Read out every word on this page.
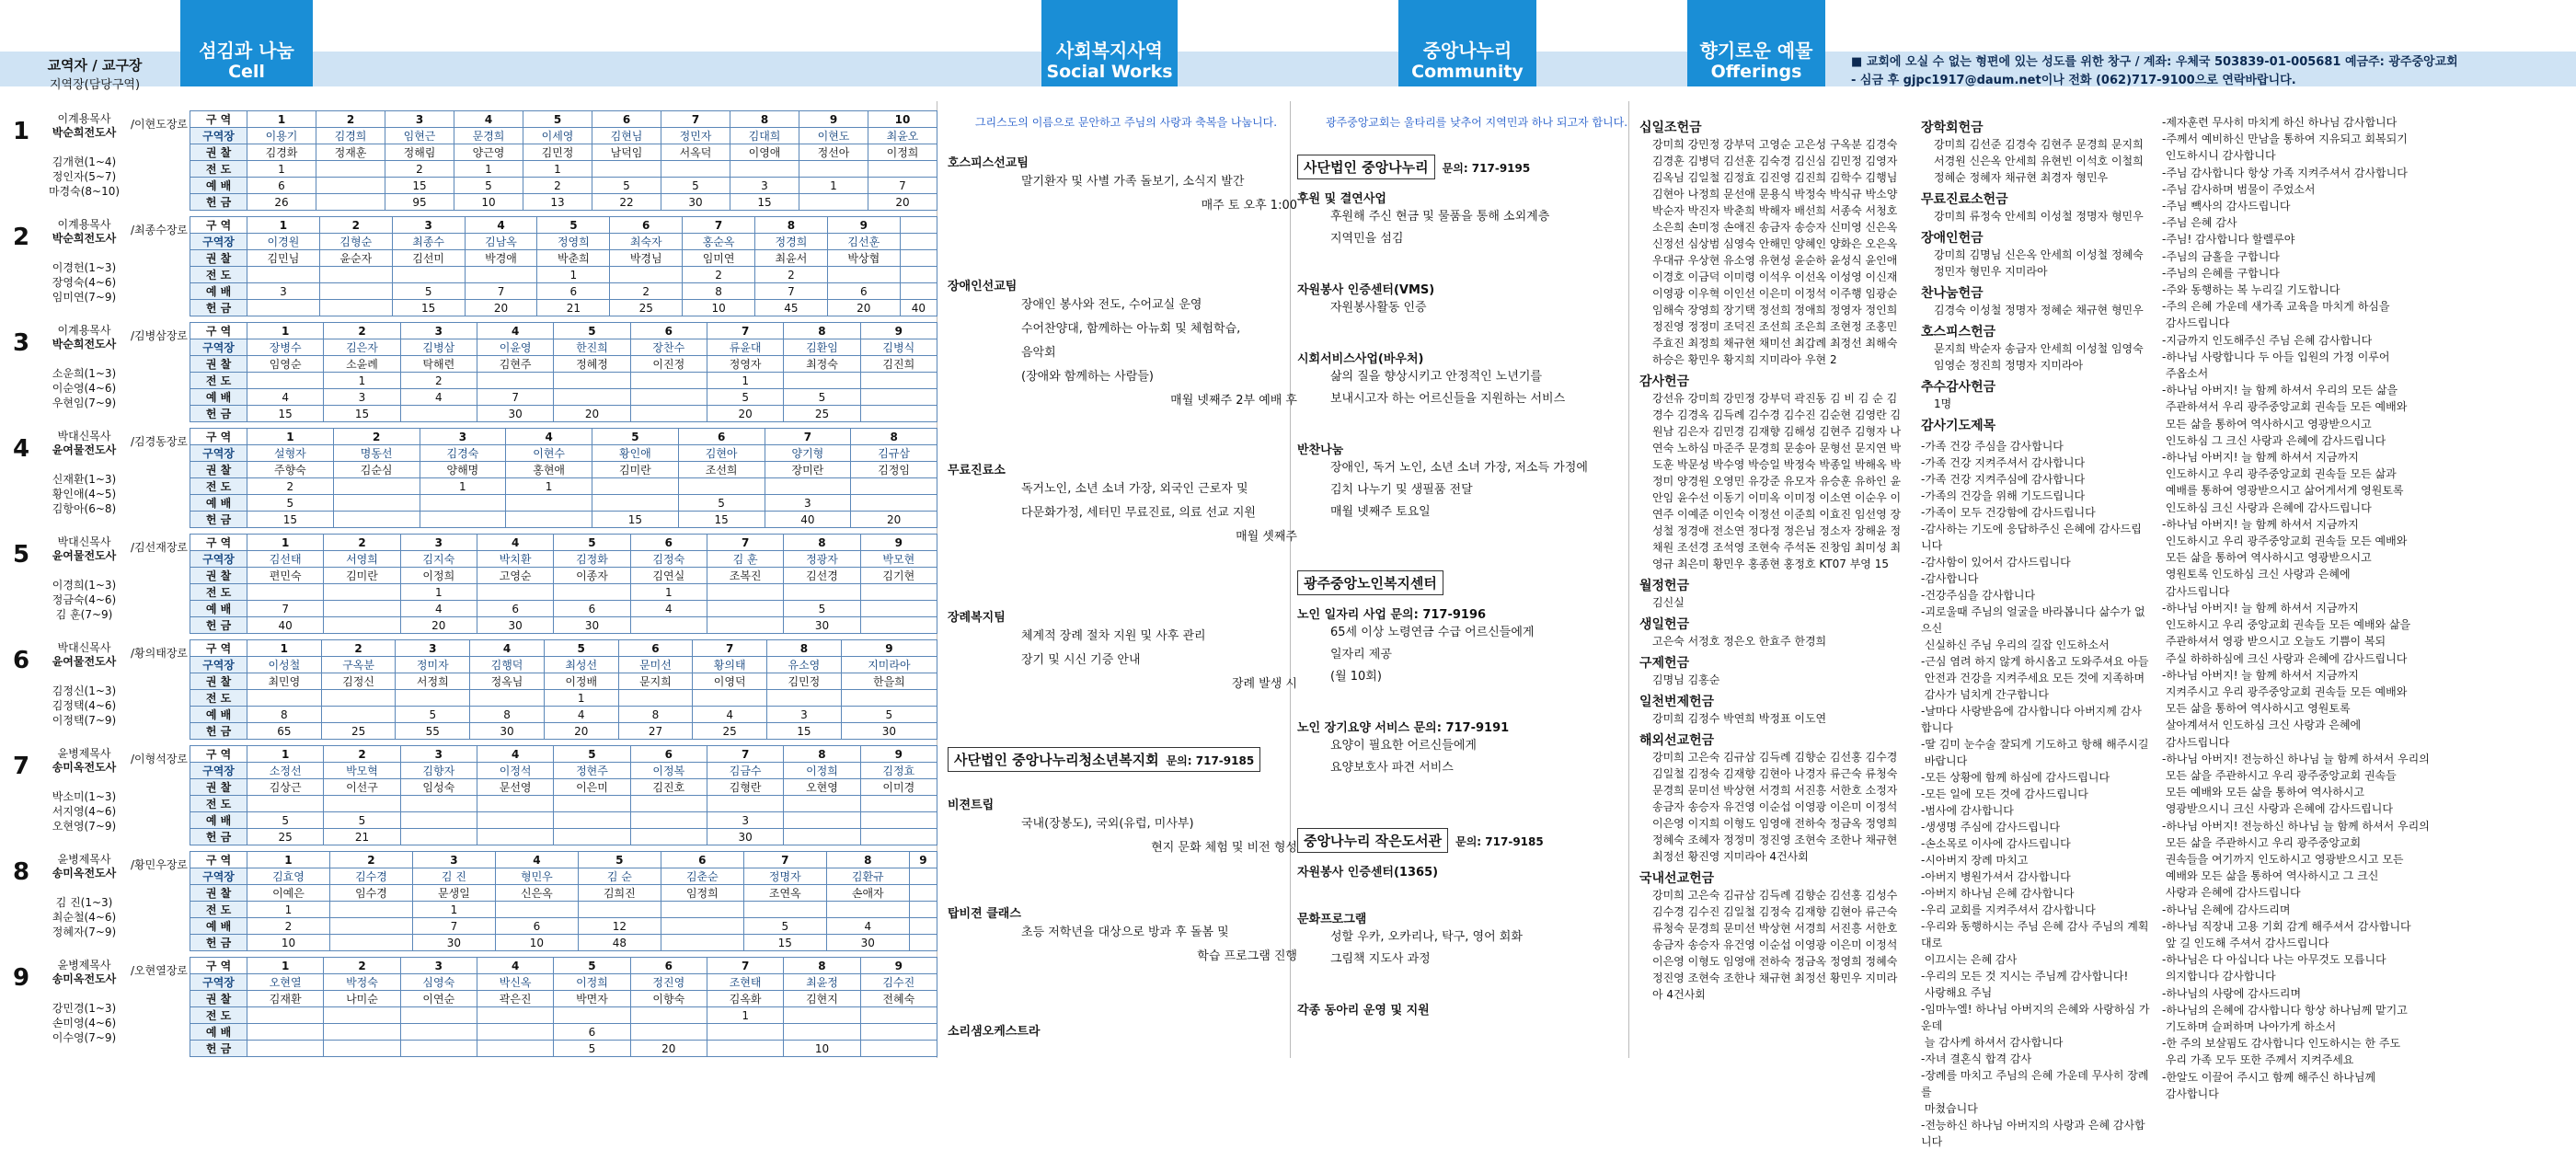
교역자 / 교구장
지역장(담당구역)
섬김과 나눔
Cell Meetings
사회복지사역
Social Works
중앙나누리
Community Center
향기로운 예물
Offerings	■ 교회에 오실 수 없는 형편에 있는 성도를 위한 창구 / 계좌: 우체국 503839-01-005681 예금주: 광주중앙교회
- 심금 후 gjpc1917@daum.net이나 전화 (062)717-9100으로 연락바랍니다.
1	이계용목사
박순희전도사
/이현도장로
김개현(1~4)
정인자(5~7)
마경숙(8~10)
구 역	1	2	3	4	5	6	7	8	9	10
구역장	이용기	김경희	임현근	문경희	이세영	김현님	정민자	김대희	이현도	최윤오
권 찰	김경화	정재훈	정해림	양근영	김민정	남덕임	서옥덕	이영애	정선아	이정희
전 도	1		2	1	1					
예 배	6		15	5	2	5	5	3	1	7
헌 금	26		95	10	13	22	30	15		20
2	이계용목사
박순희전도사
/최종수장로
이경헌(1~3)
장영숙(4~6)
임미연(7~9)
구 역	1	2	3	4	5	6	7	8	9	
구역장	이경원	김형순	최종수	김남옥	정영희	최숙자	홍순옥	정경희	김선훈	
권 찰	김민님	윤순자	김선미	박경애	박춘희	박경님	임미연	최윤서	박상협	
전 도					1		2	2		
예 배	3		5	7	6	2	8	7	6	
헌 금			15	20	21	25	10	45	20	40
3	이계용목사
박순희전도사
/김병삼장로
소운희(1~3)
이순영(4~6)
우현임(7~9)
구 역	1	2	3	4	5	6	7	8	9
구역장	장병수	김은자	김병삼	이윤영	한진희	장찬수	류윤대	김환임	김병식
권 찰	임영순	소윤례	탁해련	김현주	정혜정	이진정	정영자	최정숙	김진희
전 도		1	2				1		
예 배	4	3	4	7			5	5	
헌 금	15	15		30	20		20	25	
4	박대신목사
윤여물전도사
/김경동장로
신재환(1~3)
황인애(4~5)
김항아(6~8)
구 역	1	2	3	4	5	6	7	8
구역장	설형자	명동선	김경숙	이현수	황인애	김현아	양기형	김규삼
권 찰	주향숙	김순심	양해명	홍현애	김미란	조선희	장미란	김정임
전 도	2		1	1				
예 배	5					5	3	
헌 금	15				15	15	40	20
5	박대신목사
윤여물전도사
/김선재장로
이경희(1~3)
정금숙(4~6)
김 훈(7~9)
구 역	1	2	3	4	5	6	7	8	9
구역장	김선태	서영희	김지숙	박치환	김정화	김정숙	김 훈	정광자	박모현
권 찰	편민숙	김미란	이정희	고영순	이종자	김연실	조복진	김선경	김기현
전 도			1			1			
예 배	7		4	6	6	4		5	
헌 금	40		20	30	30			30	
6	박대신목사
윤여물전도사
/황의태장로
김정신(1~3)
김정택(4~6)
이정택(7~9)
구 역	1	2	3	4	5	6	7	8	9
구역장	이성철	구옥분	정미자	김행덕	최성선	문미선	황의태	유소영	지미라아
권 찰	최민영	김정신	서정희	정옥님	이정배	문지희	이영덕	김민정	한을희
전 도					1				
예 배	8		5	8	4	8	4	3	5
헌 금	65	25	55	30	20	27	25	15	30
7	윤병제목사
송미옥전도사
/이형석장로
박소미(1~3)
서지영(4~6)
오현영(7~9)
구 역	1	2	3	4	5	6	7	8	9
구역장	소정선	박모혁	김향자	이정석	정현주	이정복	김금수	이정희	김정효
권 찰	김상근	이선구	임성숙	문선영	이은미	김진호	김형란	오현영	이미경
전 도									
예 배	5	5					3		
헌 금	25	21					30		
8	윤병제목사
송미옥전도사
/황민우장로
김 진(1~3)
최순철(4~6)
정혜자(7~9)
구 역	1	2	3	4	5	6	7	8	9
구역장	김효영	김수경	김 진	형민우	김 순	김춘순	정명자	김환규	
권 찰	이예은	임수경	문생일	신은옥	김희진	임정희	조연옥	손애자	
전 도	1		1						
예 배	2		7	6	12		5	4	
헌 금	10		30	10	48		15	30	
9	윤병제목사
송미옥전도사
/오현열장로
강민경(1~3)
손미영(4~6)
이수영(7~9)
구 역	1	2	3	4	5	6	7	8	9
구역장	오현열	박정숙	심영숙	박신옥	이정희	정진영	조현태	최윤정	김수진
권 찰	김재환	나미순	이연순	곽은진	박면자	이향숙	김옥화	김현지	전혜숙
전 도							1		
예 배					6				
헌 금					5	20		10	
그리스도의 이름으로 문안하고 주님의 사랑과 축복을 나눕니다.
호스피스선교팀
말기환자 및 사별 가족 돌보기, 소식지 발간
매주 토 오후 1:00
장애인선교팀
장애인 봉사와 전도, 수어교실 운영
수어찬양대, 함께하는 아뉴회 및 체험학습,
음악회
(장애와 함께하는 사람들)
매월 넷째주 2부 예배 후
무료진료소
독거노인, 소년 소녀 가장, 외국인 근로자 및
다문화가정, 세터민 무료진료, 의료 선교 지원
매월 셋째주
장례복지팀
체계적 장례 절차 지원 및 사후 관리
장기 및 시신 기증 안내
장례 발생 시
사단법인 중앙나누리청소년복지회 문의: 717-9185
비젼트립
국내(장봉도), 국외(유럽, 미사부)
현지 문화 체험 및 비전 형성
탑비젼 클래스
초등 저학년을 대상으로 방과 후 돌봄 및
학습 프로그램 진행
소리샘오케스트라
광주중앙교회는 울타리를 낮추어 지역민과 하나 되고자 합니다.
사단법인 중앙나누리 문의: 717-9195
후원 및 결연사업
후원해 주신 현금 및 물품을 통해 소외계층
지역민을 섬김
자원봉사 인증센터(VMS)
자원봉사활동 인증
시회서비스사업(바우처)
삶의 질을 향상시키고 안정적인 노년기를
보내시고자 하는 어르신들을 지원하는 서비스
반찬나눔
장애인, 독거 노인, 소년 소녀 가장, 저소득 가정에
김치 나누기 및 생필품 전달
매월 넷째주 토요일
광주중앙노인복지센터
노인 일자리 사업 문의: 717-9196
65세 이상 노령연금 수급 어르신들에게
일자리 제공
(월 10회)
노인 장기요양 서비스 문의: 717-9191
요양이 필요한 어르신들에게
요양보호사 파견 서비스
중앙나누리 작은도서관 문의: 717-9185
자원봉사 인증센터(1365)
문화프로그램
성할 우카, 오카리나, 탁구, 영어 회화
그림책 지도사 과정
각종 동아리 운영 및 지원
십일조헌금
강미희 강민정 강부덕 고영순 고은성 구옥분 김경숙 김경훈 김병덕 김선훈 김숙경 김신심 김민정 김영자 김옥님 김일철 김정효 김진영 김진희 김학수 김행님 김현아 나정희 문선애 문용식 박정숙 박식규 박소양 박순자 박진자 박춘희 박해자 배선희 서종숙 서청호 소은희 손미정 손애진 송금자 송승자 신미영 신은옥 신정선 심상범 심영숙 안해민 양혜인 양화은 오은옥 우대규 우상현 유소영 유현성 윤순하 윤성식 윤인애 이경호 이금덕 이미령 이석우 이선옥 이성영 이신재 이영광 이우혁 이인선 이은미 이정석 이주행 임광순 임해숙 장영희 장기택 정선희 정애희 정영자 정인희 정진영 정정미 조덕진 조선희 조은희 조현정 조홍민 주효진 최정희 채규현 채미선 최갑례 최정선 최해숙 하승은 황민우 황지희 지미라아 우현 2
감사헌금
강선유 강미희 강민정 강부덕 곽진동 김 비 김 순 김경수 김경옥 김득례 김수경 김수진 김순현 김영란 김원남 김은자 김민경 김재향 김해성 김현주 김형자 나연숙 노하심 마준주 문경희 문송아 문형선 문지연 박도훈 박문성 박수영 박승일 박정숙 박종일 박해옥 박정미 양경원 오영민 유강준 유모자 유승훈 유하인 윤안임 윤수선 이동기 이미옥 이미정 이소연 이순우 이연주 이예준 이인숙 이정선 이준희 이효진 임선영 장성철 정경애 전소연 정다정 정은님 정소자 장해윤 정채원 조선경 조석영 조현숙 주석돈 진창임 최미성 최영규 최은미 황민우 홍종현 홍정호 KT07 부영 15
월정헌금
김신실
생일헌금
고은숙 서정호 정은오 한효주 한경희
구제헌금
김명님 김홍순
일천번제헌금
강미희 김정수 박연희 박정표 이도연
해외선교헌금
강미희 고은숙 김규삼 김득례 김향순 김선홍 김수경 김일철 김정숙 김재향 김현아 나경자 류근숙 류청숙 문경희 문미선 박상현 서경희 서진흥 서한호 소정자 송금자 송승자 유건영 이순섭 이영광 이은미 이정석 이은영 이지희 이형도 임영애 전하숙 정금옥 정영희 정혜숙 조혜자 정정미 정진영 조현숙 조한나 채규현 최정선 황진영 지미라아 4건사회
국내선교헌금
강미희 고은숙 김규삼 김득례 김향순 김선홍 김성수 김수경 김수진 김일철 김정숙 김재향 김현아 류근숙 류청숙 문경희 문미선 박상현 서경희 서진흥 서한호 송금자 송승자 유건영 이순섭 이영광 이은미 이정석 이은영 이형도 임영애 전하숙 정금옥 정영희 정혜숙 정진영 조현숙 조한나 채규현 최정선 황민우 지미라아 4건사회
장학회헌금
강미희 김선준 김경숙 김현주 문경희 문지희 서경원 신은옥 안세희 유현빈 이석호 이철희 정혜순 정혜자 채규현 최경자 형민우
무료진료소헌금
강미희 류정숙 안세희 이성철 정명자 형민우
장애인헌금
강미희 김명님 신은옥 안세희 이성철 정혜숙 정민자 형민우 지미라아
찬나눔헌금
김경숙 이성철 정명자 정혜순 채규현 형민우
호스피스헌금
문지희 박순자 송금자 안세희 이성철 임영숙 임영순 정진희 정명자 지미라아
추수감사헌금
1명
감사기도제목
-가족 건강 주심을 감사합니다
-가족 건강 지켜주셔서 감사합니다
-가족 건강 지켜주심에 감사합니다
-가족의 건강을 위해 기도드립니다
-가족이 모두 건강함에 감사드립니다
-감사하는 기도에 응답하주신 은혜에 감사드립니다
-감사함이 있어서 감사드립니다
-감사합니다
-건강주심을 감사합니다
-괴로울때 주님의 얼굴을 바라봅니다 삶수가 없으신
신실하신 주님 우리의 길잡 인도하소서
-근심 염려 하지 않게 하시옵고 도와주셔요 아들
안전과 건강을 지켜주세요 모든 것에 지족하며
감사가 넘치게 간구합니다
-날마다 사랑받음에 감사합니다 아버지께 감사합니다
-딸 김미 눈수술 잘되게 기도하고 항해 해주시길
바랍니다
-모든 상황에 함께 하심에 감사드립니다
-모든 일에 모든 것에 감사드립니다
-범사에 감사합니다
-생생명 주심에 감사드립니다
-손소목로 이사에 감사드립니다
-시아버지 장례 마치고
-아버지 병원가셔서 감사합니다
-아버지 하나님 은혜 감사합니다
-우리 교회를 지켜주셔서 감사합니다
-우리와 동행하시는 주님 은혜 감사 주님의 계획대로
이끄시는 은혜 감사
-우리의 모든 것 지시는 주님께 감사합니다!
사랑해요 주님
-임마누엘! 하나님 아버지의 은혜와 사랑하심 가운데
늘 감사케 하셔서 감사합니다
-자녀 결혼식 합격 감사
-장례를 마치고 주님의 은혜 가운데 무사히 장례를
마쳤습니다
-전능하신 하나님 아버지의 사랑과 은혜 감사합니다
-제자훈련 무사히 마치게 하신 하나님 감사합니다
-주께서 예비하신 만남을 통하여 지유되고 회복되기
인도하시니 감사합니다
-주님 감사합니다 항상 가족 지켜주셔서 감사합니다
-주님 감사하며 범물이 주었소서
-주님 빽사의 감사드립니다
-주님 은혜 감사
-주님! 감사합니다 할렐루야
-주님의 금홀을 구합니다
-주님의 은혜를 구합니다
-주와 동행하는 복 누리길 기도합니다
-주의 은혜 가운데 새가족 교육을 마치게 하심을
감사드립니다
-지금까지 인도해주신 주님 은혜 감사합니다
-하나님 사랑합니다 두 아들 입원의 가정 이루어
주옵소서
-하나님 아버지! 늘 함께 하셔서 우리의 모든 삶을
주관하셔서 우리 광주중앙교회 권속들 모든 예배와
모든 삶을 통하여 역사하시고 영광받으시고
인도하심 그 크신 사랑과 은혜에 감사드립니다
-하나님 아버지! 늘 함께 하셔서 지금까지
인도하시고 우리 광주중앙교회 권속들 모든 삶과
예배를 통하여 영광받으시고 삶어게서게 영원토록
인도하심 크신 사랑과 은혜에 감사드립니다
-하나님 아버지! 늘 함께 하셔서 지금까지
인도하시고 우리 광주중앙교회 권속들 모든 예배와
모든 삶을 통하여 역사하시고 영광받으시고
영원토록 인도하심 크신 사랑과 은혜에
감사드립니다
-하나님 아버지! 늘 함께 하셔서 지금까지
인도하시고 우리 중앙교회 권속들 모든 예배와 삶을
주관하셔서 영광 받으시고 오늘도 기쁨이 복되
주실 하하하심에 크신 사랑과 은혜에 감사드립니다
-하나님 아버지! 늘 함께 하셔서 지금까지
지켜주시고 우리 광주중앙교회 권속들 모든 예배와
모든 삶을 통하여 역사하시고 영원토록
살아계셔서 인도하심 크신 사랑과 은혜에
감사드립니다
-하나님 아버지! 전능하신 하나님 늘 함께 하셔서 우리의
모든 삶을 주관하시고 우리 광주중앙교회 권속들
모든 예배와 모든 삶을 통하여 역사하시고
영광받으시니 크신 사랑과 은혜에 감사드립니다
-하나님 아버지! 전능하신 하나님 늘 함께 하셔서 우리의
모든 삶을 주관하시고 우리 광주중앙교회
권속들을 여기까지 인도하시고 영광받으시고 모든
예배와 모든 삶을 통하여 역사하시고 그 크신
사랑과 은혜에 감사드립니다
-하나님 은혜에 감사드리며
-하나님 직장내 고용 기회 감게 해주셔서 감사합니다
앞 길 인도해 주셔서 감사드립니다
-하나님은 다 아십니다 나는 아무것도 모릅니다
의지합니다 감사합니다
-하나님의 사랑에 감사드리며
-하나님의 은혜에 감사합니다 항상 하나님께 맡기고
기도하며 슬퍼하며 나아가게 하소서
-한 주의 보살핌도 감사합니다 인도하시는 한 주도
우리 가족 모두 또한 주께서 지켜주세요
-한알도 이끌어 주시고 함께 해주신 하나님께
감사합니다
